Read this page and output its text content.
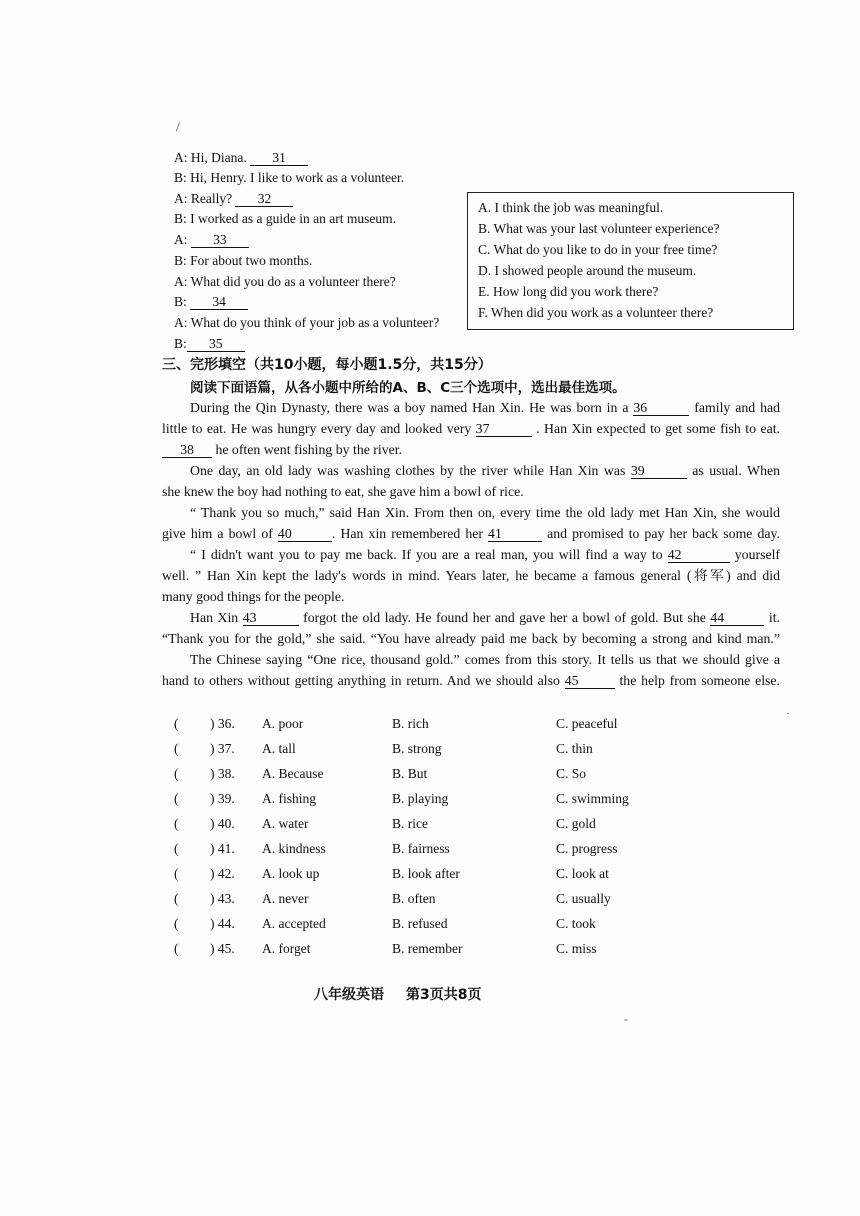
/
A: Hi, Diana. 31
B: Hi, Henry. I like to work as a volunteer.
A: Really? 32
B: I worked as a guide in an art museum.
A: 33
B: For about two months.
A: What did you do as a volunteer there?
B: 34
A: What do you think of your job as a volunteer?
B: 35
A. I think the job was meaningful.
B. What was your last volunteer experience?
C. What do you like to do in your free time?
D. I showed people around the museum.
E. How long did you work there?
F. When did you work as a volunteer there?
三、完形填空（共10小题，每小题1.5分，共15分）
阅读下面语篇，从各小题中所给的A、B、C三个选项中，选出最佳选项。
During the Qin Dynasty, there was a boy named Han Xin. He was born in a 36	family and had
little to eat. He was hungry every day and looked very 37	. Han Xin expected to get some fish to eat.
38 he often went fishing by the river.
One day, an old lady was washing clothes by the river while Han Xin was 39	as usual. When
she knew the boy had nothing to eat, she gave him a bowl of rice.
“ Thank you so much,” said Han Xin. From then on, every time the old lady met Han Xin, she would
give him a bowl of 40	. Han xin remembered her 41	and promised to pay her back some day.
“ I didn't want you to pay me back. If you are a real man, you will find a way to 42	yourself
well. ” Han Xin kept the lady's words in mind. Years later, he became a famous general (将军) and did
many good things for the people.
Han Xin 43	forgot the old lady. He found her and gave her a bowl of gold. But she 44	it.
“Thank you for the gold,” she said. “You have already paid me back by becoming a strong and kind man.”
The Chinese saying “One rice, thousand gold.” comes from this story. It tells us that we should give a
hand to others without getting anything in return. And we should also 45	the help from someone else.
( ) 36. A. poor	B. rich	C. peaceful
( ) 37. A. tall	B. strong	C. thin
( ) 38. A. Because	B. But	C. So
( ) 39. A. fishing	B. playing	C. swimming
( ) 40. A. water	B. rice	C. gold
( ) 41. A. kindness	B. fairness	C. progress
( ) 42. A. look up	B. look after	C. look at
( ) 43. A. never	B. often	C. usually
( ) 44. A. accepted	B. refused	C. took
( ) 45. A. forget	B. remember	C. miss
八年级英语 第3页共8页
·
-
